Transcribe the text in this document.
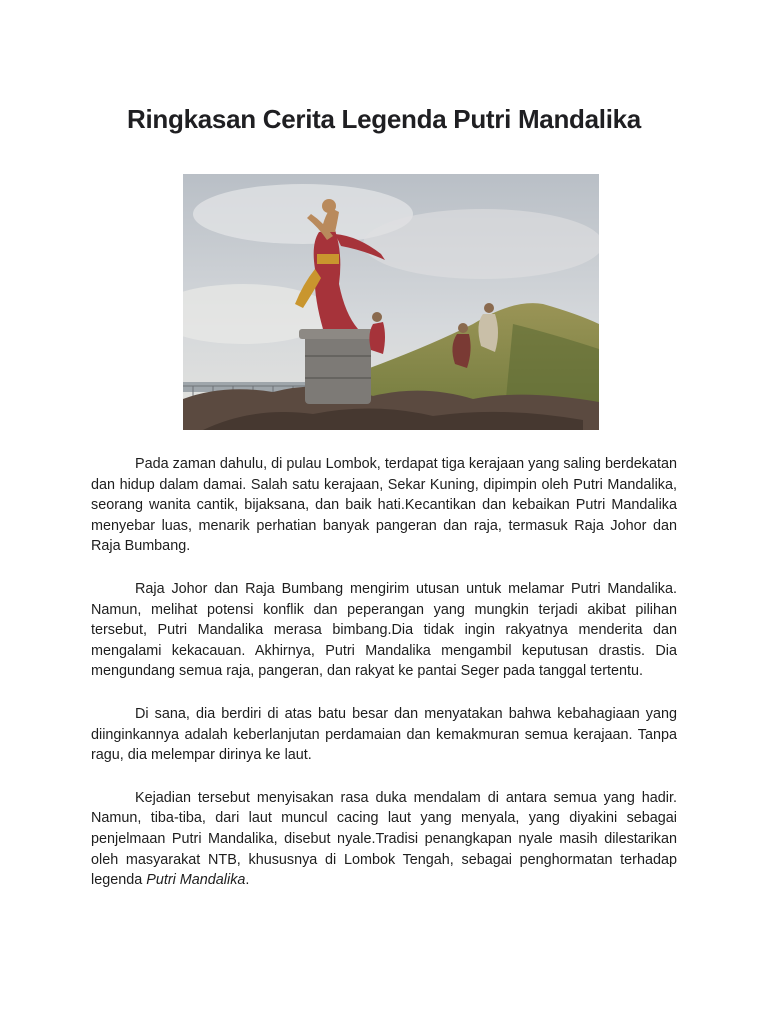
Ringkasan Cerita Legenda Putri Mandalika

Pada zaman dahulu, di pulau Lombok, terdapat tiga kerajaan yang saling berdekatan dan hidup dalam damai. Salah satu kerajaan, Sekar Kuning, dipimpin oleh Putri Mandalika, seorang wanita cantik, bijaksana, dan baik hati.Kecantikan dan kebaikan Putri Mandalika menyebar luas, menarik perhatian banyak pangeran dan raja, termasuk Raja Johor dan Raja Bumbang.

Raja Johor dan Raja Bumbang mengirim utusan untuk melamar Putri Mandalika. Namun, melihat potensi konflik dan peperangan yang mungkin terjadi akibat pilihan tersebut, Putri Mandalika merasa bimbang.Dia tidak ingin rakyatnya menderita dan mengalami kekacauan. Akhirnya, Putri Mandalika mengambil keputusan drastis. Dia mengundang semua raja, pangeran, dan rakyat ke pantai Seger pada tanggal tertentu.

Di sana, dia berdiri di atas batu besar dan menyatakan bahwa kebahagiaan yang diinginkannya adalah keberlanjutan perdamaian dan kemakmuran semua kerajaan. Tanpa ragu, dia melempar dirinya ke laut.

Kejadian tersebut menyisakan rasa duka mendalam di antara semua yang hadir. Namun, tiba-tiba, dari laut muncul cacing laut yang menyala, yang diyakini sebagai penjelmaan Putri Mandalika, disebut nyale.Tradisi penangkapan nyale masih dilestarikan oleh masyarakat NTB, khususnya di Lombok Tengah, sebagai penghormatan terhadap legenda Putri Mandalika.
